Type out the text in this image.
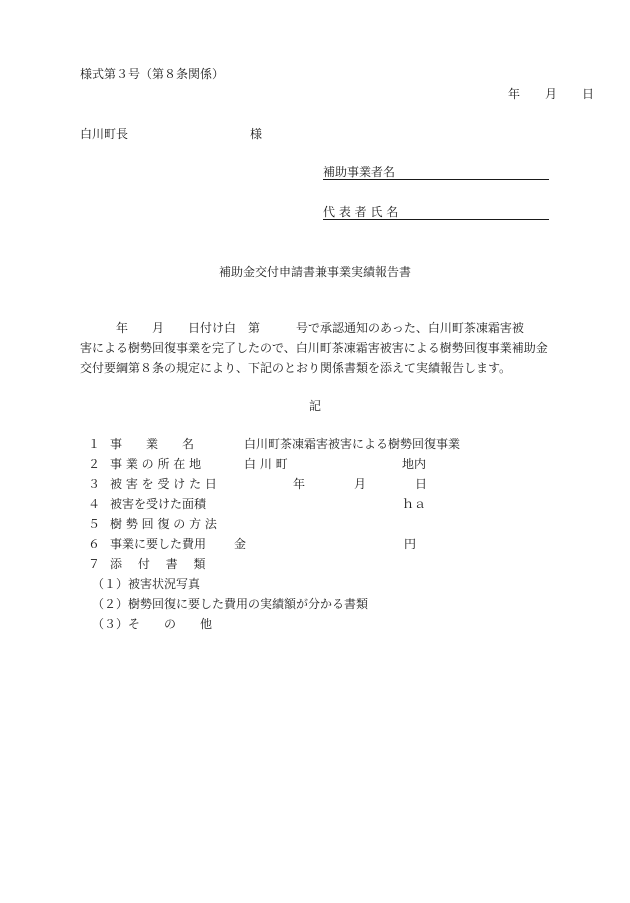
様式第３号（第８条関係）
年 月 日
白川町長	様
補助事業者名
代 表 者 氏 名
補助金交付申請書兼事業実績報告書
　　　年　　月　　日付け白　第　　　号で承認通知のあった、白川町茶凍霜害被
害による樹勢回復事業を完了したので、白川町茶凍霜害被害による樹勢回復事業補助金
交付要綱第８条の規定により、下記のとおり関係書類を添えて実績報告します。
記
１ 事　　業　　名	白川町茶凍霜害被害による樹勢回復事業
２ 事 業 の 所 在 地	白 川 町	地内
３ 被 害 を 受 け た 日	年	月	日
４ 被害を受けた面積	ｈａ
５ 樹 勢 回 復 の 方 法
６ 事業に要した費用 金	円
７ 添　 付　 書　 類
（１）被害状況写真
（２）樹勢回復に要した費用の実績額が分かる書類
（３）そ　　の　　他
